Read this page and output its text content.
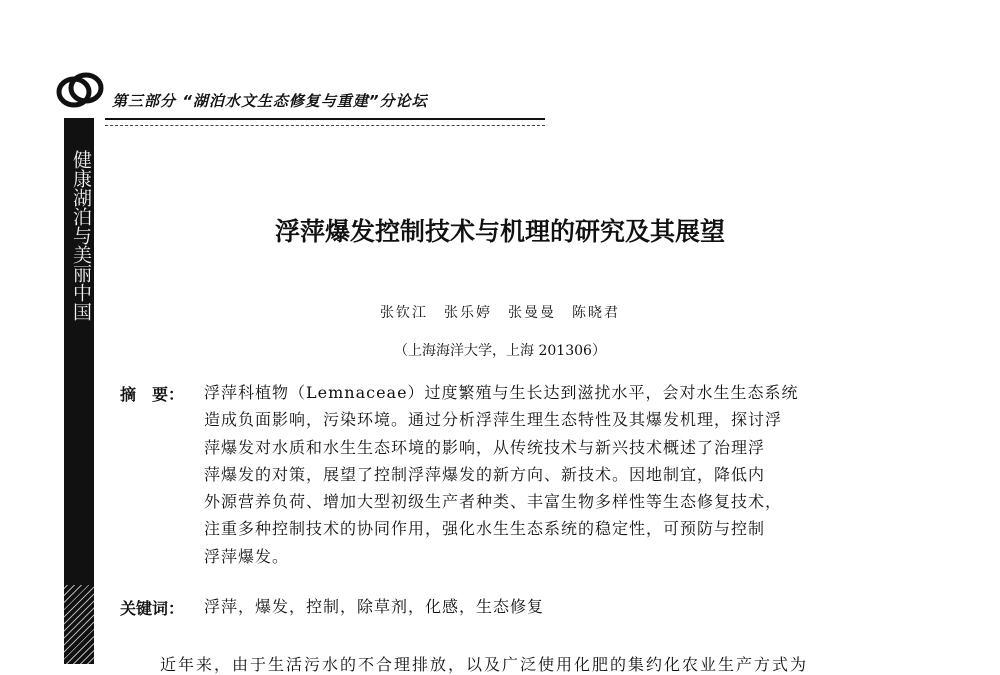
第三部分 “湖泊水文生态修复与重建”分论坛
健康湖泊与美丽中国	浮萍爆发控制技术与机理的研究及其展望
张钦江　张乐婷　张曼曼　陈晓君
（上海海洋大学，上海 201306）
摘　要： 浮萍科植物（Lemnaceae）过度繁殖与生长达到滋扰水平，会对水生生态系统
造成负面影响，污染环境。通过分析浮萍生理生态特性及其爆发机理，探讨浮
萍爆发对水质和水生生态环境的影响，从传统技术与新兴技术概述了治理浮
萍爆发的对策，展望了控制浮萍爆发的新方向、新技术。因地制宜，降低内
外源营养负荷、增加大型初级生产者种类、丰富生物多样性等生态修复技术，
注重多种控制技术的协同作用，强化水生生态系统的稳定性，可预防与控制
浮萍爆发。
关键词： 浮萍，爆发，控制，除草剂，化感，生态修复
近年来，由于生活污水的不合理排放，以及广泛使用化肥的集约化农业生产方式为
